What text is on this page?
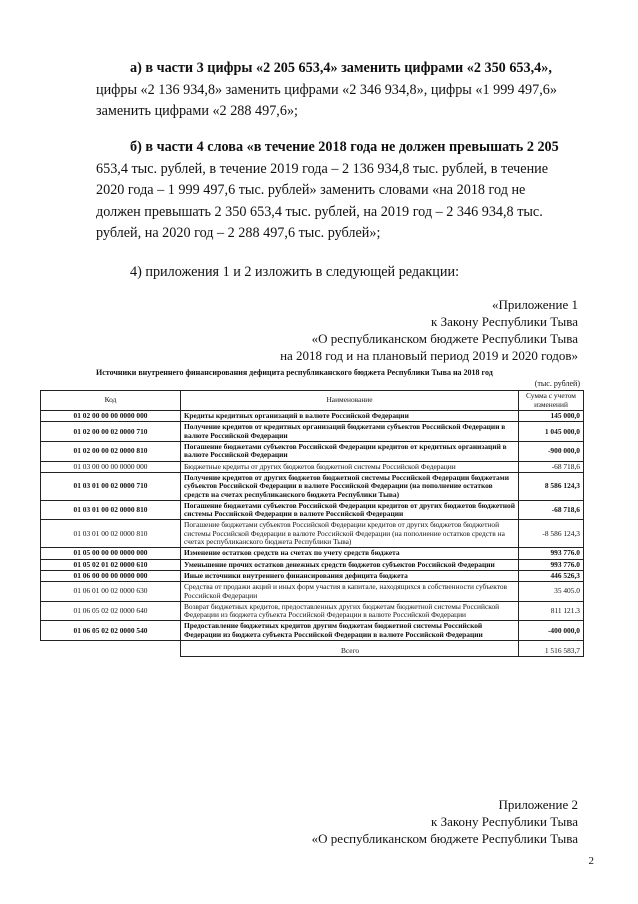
а) в части 3 цифры «2 205 653,4» заменить цифрами «2 350 653,4»,
цифры «2 136 934,8» заменить цифрами «2 346 934,8», цифры «1 999 497,6»
заменить цифрами «2 288 497,6»;
б) в части 4 слова «в течение 2018 года не должен превышать 2 205
653,4 тыс. рублей, в течение 2019 года – 2 136 934,8 тыс. рублей, в течение
2020 года – 1 999 497,6 тыс. рублей» заменить словами «на 2018 год не
должен превышать 2 350 653,4 тыс. рублей, на 2019 год – 2 346 934,8 тыс.
рублей, на 2020 год – 2 288 497,6 тыс. рублей»;
4) приложения 1 и 2 изложить в следующей редакции:
«Приложение 1
к Закону Республики Тыва
«О республиканском бюджете Республики Тыва
на 2018 год и на плановый период 2019 и 2020 годов»
Источники внутреннего финансирования дефицита республиканского бюджета Республики Тыва на 2018 год
(тыс. рублей)
Код	Наименование	Сумма с учетом изменений
01 02 00 00 00 0000 000	Кредиты кредитных организаций в валюте Российской Федерации	145 000,0
01 02 00 00 02 0000 710	Получение кредитов от кредитных организаций бюджетами субъектов Российской Федерации в валюте Российской Федерации	1 045 000,0
01 02 00 00 02 0000 810	Погашение бюджетами субъектов Российской Федерации кредитов от кредитных организаций в валюте Российской Федерации	-900 000,0
01 03 00 00 00 0000 000	Бюджетные кредиты от других бюджетов бюджетной системы Российской Федерации	-68 718,6
01 03 01 00 02 0000 710	Получение кредитов от других бюджетов бюджетной системы Российской Федерации бюджетами субъектов Российской Федерации в валюте Российской Федерации (на пополнение остатков средств на счетах республиканского бюджета Республики Тыва)	8 586 124,3
01 03 01 00 02 0000 810	Погашение бюджетами субъектов Российской Федерации кредитов от других бюджетов бюджетной системы Российской Федерации в валюте Российской Федерации	-68 718,6
01 03 01 00 02 0000 810	Погашение бюджетами субъектов Российской Федерации кредитов от других бюджетов бюджетной системы Российской Федерации в валюте Российской Федерации (на пополнение остатков средств на счетах республиканского бюджета Республики Тыва)	-8 586 124,3
01 05 00 00 00 0000 000	Изменение остатков средств на счетах по учету средств бюджета	993 776.0
01 05 02 01 02 0000 610	Уменьшение прочих остатков денежных средств бюджетов субъектов Российской Федерации	993 776.0
01 06 00 00 00 0000 000	Иные источники внутреннего финансирования дефицита бюджета	446 526,3
01 06 01 00 02 0000 630	Средства от продажи акций и иных форм участия в капитале, находящихся в собственности субъектов Российской Федерации	35 405.0
01 06 05 02 02 0000 640	Возврат бюджетных кредитов, предоставленных других бюджетам бюджетной системы Российской Федерации из бюджета субъекта Российской Федерации в валюте Российской Федерации	811 121.3
01 06 05 02 02 0000 540	Предоставление бюджетных кредитов другим бюджетам бюджетной системы Российской Федерации из бюджета субъекта Российской Федерации в валюте Российской Федерации	-400 000,0
	Всего	1 516 583,7
Приложение 2
к Закону Республики Тыва
«О республиканском бюджете Республики Тыва
2
